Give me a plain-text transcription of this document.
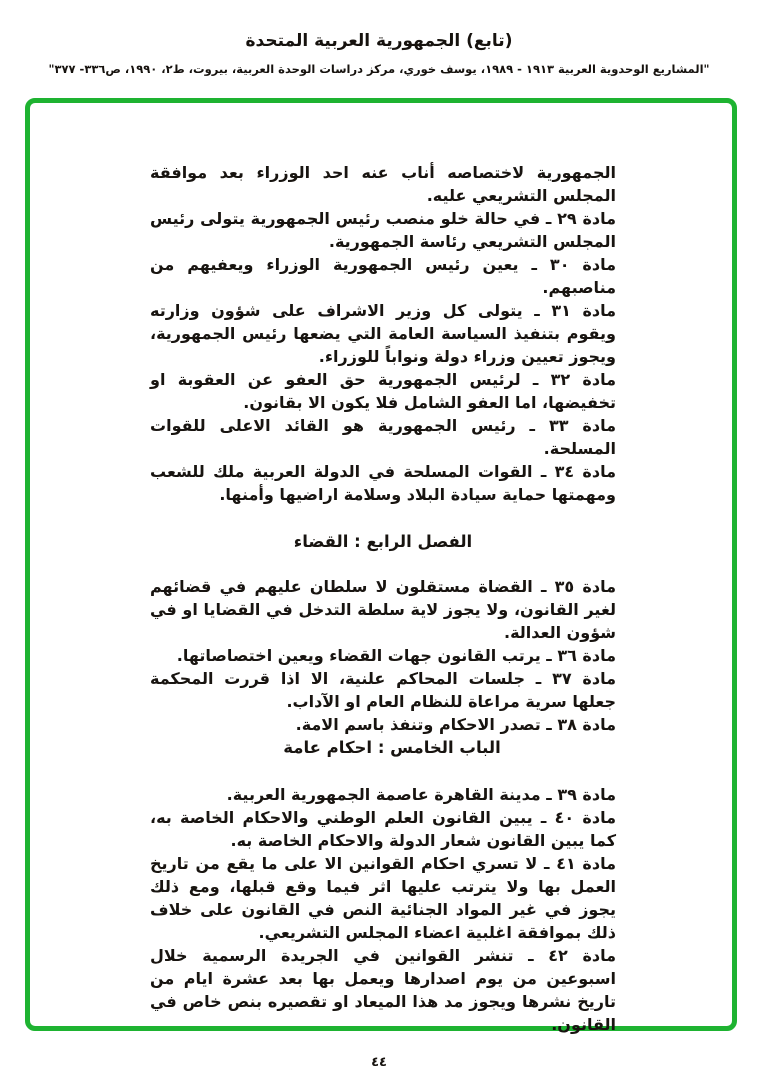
(تابع) الجمهورية العربية المتحدة
"المشاريع الوحدوية العربية ١٩١٣ - ١٩٨٩، يوسف خوري، مركز دراسات الوحدة العربية، بيروت، ط٢، ١٩٩٠، ص٣٣٦- ٣٧٧"

الجمهورية لاختصاصه أناب عنه احد الوزراء بعد موافقة المجلس التشريعي عليه.

مادة ٢٩ ـ في حالة خلو منصب رئيس الجمهورية يتولى رئيس المجلس التشريعي رئاسة الجمهورية.

مادة ٣٠ ـ يعين رئيس الجمهورية الوزراء ويعفيهم من مناصبهم.

مادة ٣١ ـ يتولى كل وزير الاشراف على شؤون وزارته ويقوم بتنفيذ السياسة العامة التي يضعها رئيس الجمهورية، ويجوز تعيين وزراء دولة ونواباً للوزراء.

مادة ٣٢ ـ لرئيس الجمهورية حق العفو عن العقوبة او تخفيضها، اما العفو الشامل فلا يكون الا بقانون.

مادة ٣٣ ـ رئيس الجمهورية هو القائد الاعلى للقوات المسلحة.

مادة ٣٤ ـ القوات المسلحة في الدولة العربية ملك للشعب ومهمتها حماية سيادة البلاد وسلامة اراضيها وأمنها.

الفصل الرابع : القضاء

مادة ٣٥ ـ القضاة مستقلون لا سلطان عليهم في قضائهم لغير القانون، ولا يجوز لاية سلطة التدخل في القضايا او في شؤون العدالة.

مادة ٣٦ ـ يرتب القانون جهات القضاء ويعين اختصاصاتها.

مادة ٣٧ ـ جلسات المحاكم علنية، الا اذا قررت المحكمة جعلها سرية مراعاة للنظام العام او الآداب.

مادة ٣٨ ـ تصدر الاحكام وتنفذ باسم الامة.

الباب الخامس : احكام عامة

مادة ٣٩ ـ مدينة القاهرة عاصمة الجمهورية العربية.

مادة ٤٠ ـ يبين القانون العلم الوطني والاحكام الخاصة به، كما يبين القانون شعار الدولة والاحكام الخاصة به.

مادة ٤١ ـ لا تسري احكام القوانين الا على ما يقع من تاريخ العمل بها ولا يترتب عليها اثر فيما وقع قبلها، ومع ذلك يجوز في غير المواد الجنائية النص في القانون على خلاف ذلك بموافقة اغلبية اعضاء المجلس التشريعي.

مادة ٤٢ ـ تنشر القوانين في الجريدة الرسمية خلال اسبوعين من يوم اصدارها ويعمل بها بعد عشرة ايام من تاريخ نشرها ويجوز مد هذا الميعاد او تقصيره بنص خاص في القانون.

٤٤
